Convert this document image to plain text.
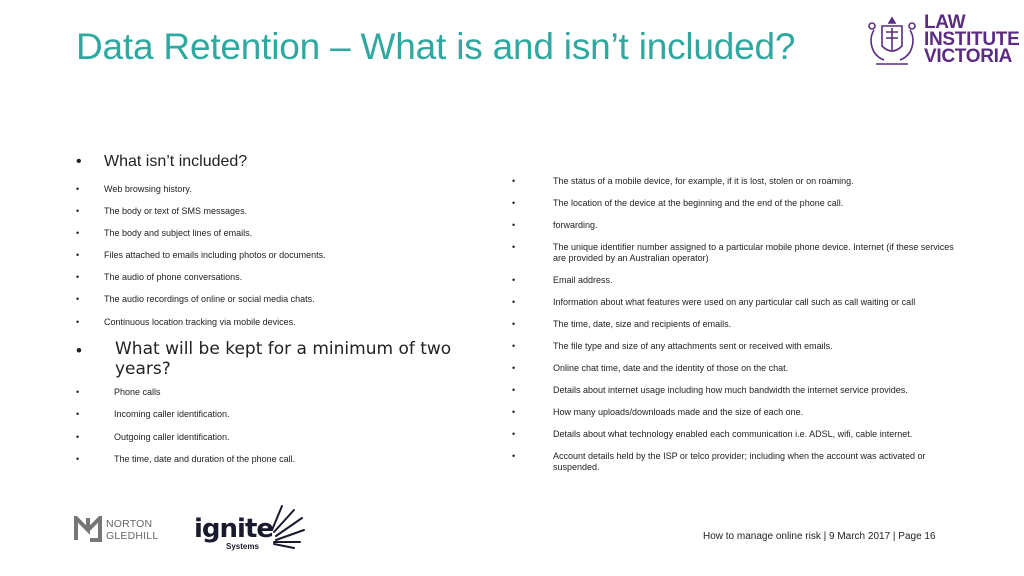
Data Retention – What is and isn’t included?
LAW
INSTITUTE
VICTORIA
• What isn’t included?
•	Web browsing history.
•	The body or text of SMS messages.
•	The body and subject lines of emails.
•	Files attached to emails including photos or documents.
•	The audio of phone conversations.
•	The audio recordings of online or social media chats.
•	Continuous location tracking via mobile devices.
• What will be kept for a minimum of two years?
•	Phone calls
•	Incoming caller identification.
•	Outgoing caller identification.
•	The time, date and duration of the phone call.
•	The status of a mobile device, for example, if it is lost, stolen or on roaming.
•	The location of the device at the beginning and the end of the phone call.
•	forwarding.
•	The unique identifier number assigned to a particular mobile phone device. Internet (if these services are provided by an Australian operator)
•	Email address.
•	Information about what features were used on any particular call such as call waiting or call
•	The time, date, size and recipients of emails.
•	The file type and size of any attachments sent or received with emails.
•	Online chat time, date and the identity of those on the chat.
•	Details about internet usage including how much bandwidth the internet service provides.
•	How many uploads/downloads made and the size of each one.
•	Details about what technology enabled each communication i.e. ADSL, wifi, cable internet.
•	Account details held by the ISP or telco provider; including when the account was activated or suspended.
NORTON
GLEDHILL ignite
Systems
How to manage online risk | 9 March 2017 | Page 16
